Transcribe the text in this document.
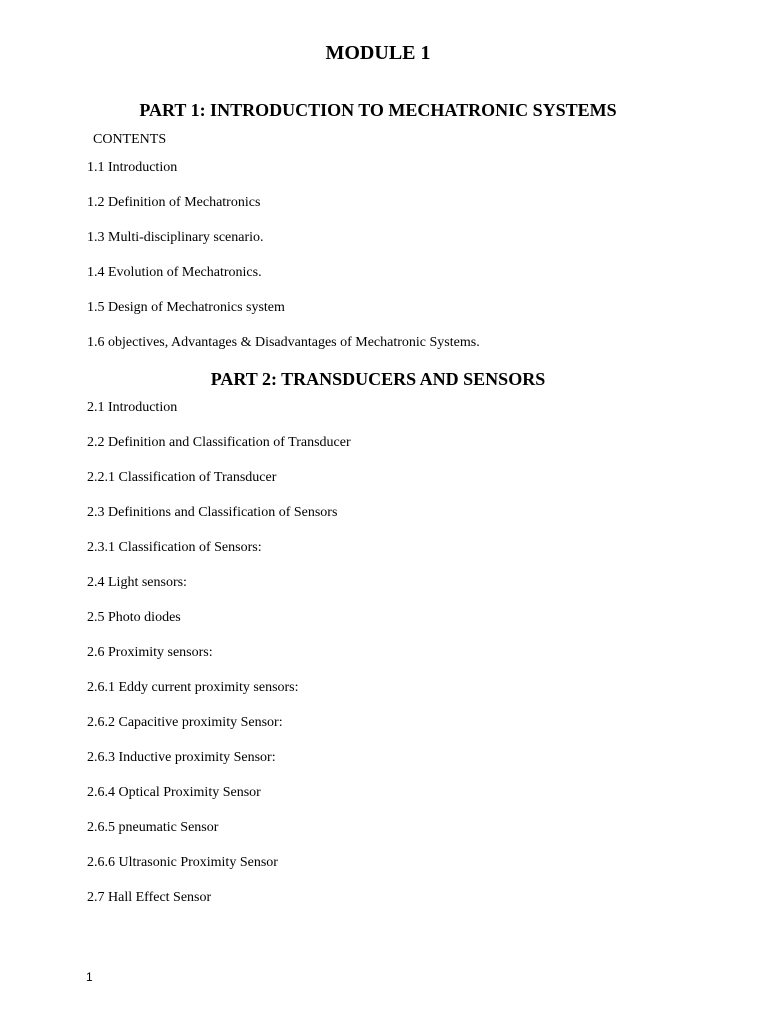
MODULE 1
PART 1: INTRODUCTION TO MECHATRONIC SYSTEMS
CONTENTS
1.1 Introduction
1.2 Definition of Mechatronics
1.3 Multi-disciplinary scenario.
1.4 Evolution of Mechatronics.
1.5 Design of Mechatronics system
1.6 objectives, Advantages & Disadvantages of Mechatronic Systems.
PART 2: TRANSDUCERS AND SENSORS
2.1 Introduction
2.2 Definition and Classification of Transducer
2.2.1 Classification of Transducer
2.3 Definitions and Classification of Sensors
2.3.1 Classification of Sensors:
2.4 Light sensors:
2.5 Photo diodes
2.6 Proximity sensors:
2.6.1 Eddy current proximity sensors:
2.6.2 Capacitive proximity Sensor:
2.6.3 Inductive proximity Sensor:
2.6.4 Optical Proximity Sensor
2.6.5 pneumatic Sensor
2.6.6 Ultrasonic Proximity Sensor
2.7 Hall Effect Sensor
1
